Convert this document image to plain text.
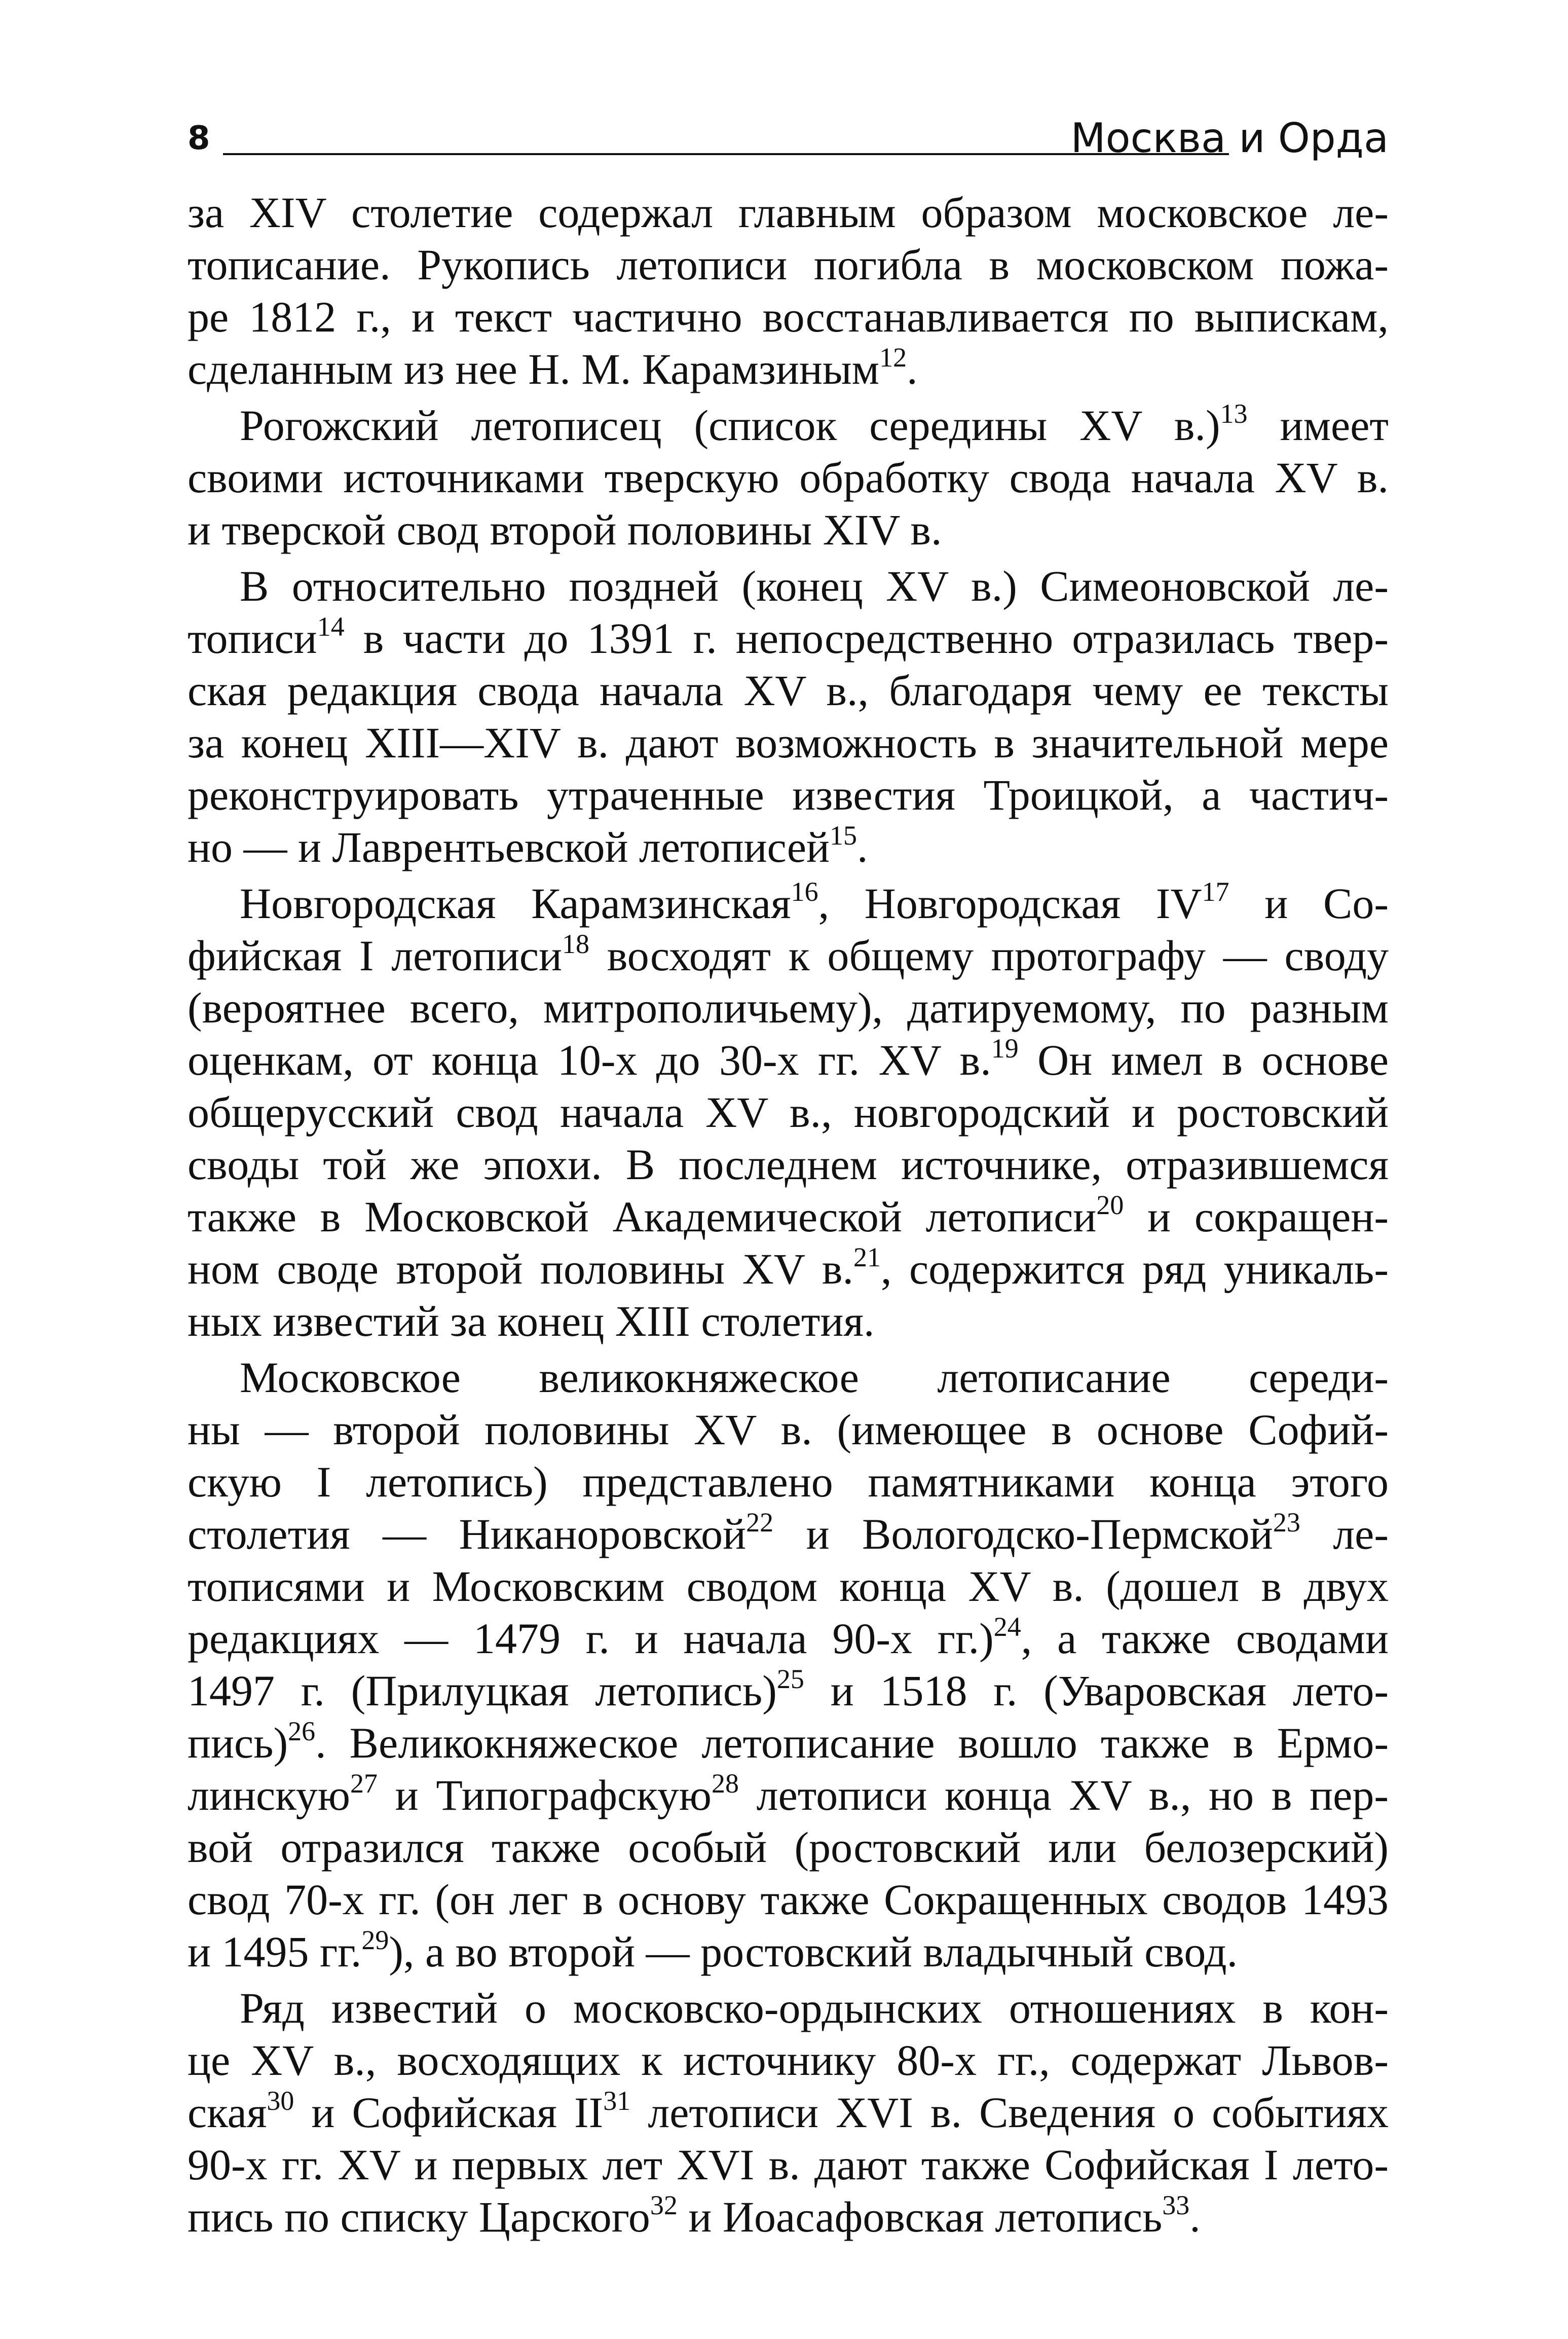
8	Москва и Орда
за XIV столетие содержал главным образом московское ле-
тописание. Рукопись летописи погибла в московском пожа-
ре 1812 г., и текст частично восстанавливается по выпискам,
сделанным из нее Н. М. Карамзиным$^{12}$.
Рогожский летописец (список середины XV в.)$^{13}$ имеет
своими источниками тверскую обработку свода начала XV в.
и тверской свод второй половины XIV в.
В относительно поздней (конец XV в.) Симеоновской ле-
тописи$^{14}$ в части до 1391 г. непосредственно отразилась твер-
ская редакция свода начала XV в., благодаря чему ее тексты
за конец XIII—XIV в. дают возможность в значительной мере
реконструировать утраченные известия Троицкой, а частич-
но — и Лаврентьевской летописей$^{15}$.
Новгородская Карамзинская$^{16}$, Новгородская IV$^{17}$ и Со-
фийская I летописи$^{18}$ восходят к общему протографу — своду
(вероятнее всего, митрополичьему), датируемому, по разным
оценкам, от конца 10-х до 30-х гг. XV в.$^{19}$ Он имел в основе
общерусский свод начала XV в., новгородский и ростовский
своды той же эпохи. В последнем источнике, отразившемся
также в Московской Академической летописи$^{20}$ и сокращен-
ном своде второй половины XV в.$^{21}$, содержится ряд уникаль-
ных известий за конец XIII столетия.
Московское великокняжеское летописание середи-
ны — второй половины XV в. (имеющее в основе Софий-
скую I летопись) представлено памятниками конца этого
столетия — Никаноровской$^{22}$ и Вологодско-Пермской$^{23}$ ле-
тописями и Московским сводом конца XV в. (дошел в двух
редакциях — 1479 г. и начала 90-х гг.)$^{24}$, а также сводами
1497 г. (Прилуцкая летопись)$^{25}$ и 1518 г. (Уваровская лето-
пись)$^{26}$. Великокняжеское летописание вошло также в Ермо-
линскую$^{27}$ и Типографскую$^{28}$ летописи конца XV в., но в пер-
вой отразился также особый (ростовский или белозерский)
свод 70-х гг. (он лег в основу также Сокращенных сводов 1493
и 1495 гг.$^{29}$), а во второй — ростовский владычный свод.
Ряд известий о московско-ордынских отношениях в кон-
це XV в., восходящих к источнику 80-х гг., содержат Львов-
ская$^{30}$ и Софийская II$^{31}$ летописи XVI в. Сведения о событиях
90-х гг. XV и первых лет XVI в. дают также Софийская I лето-
пись по списку Царского$^{32}$ и Иоасафовская летопись$^{33}$.
